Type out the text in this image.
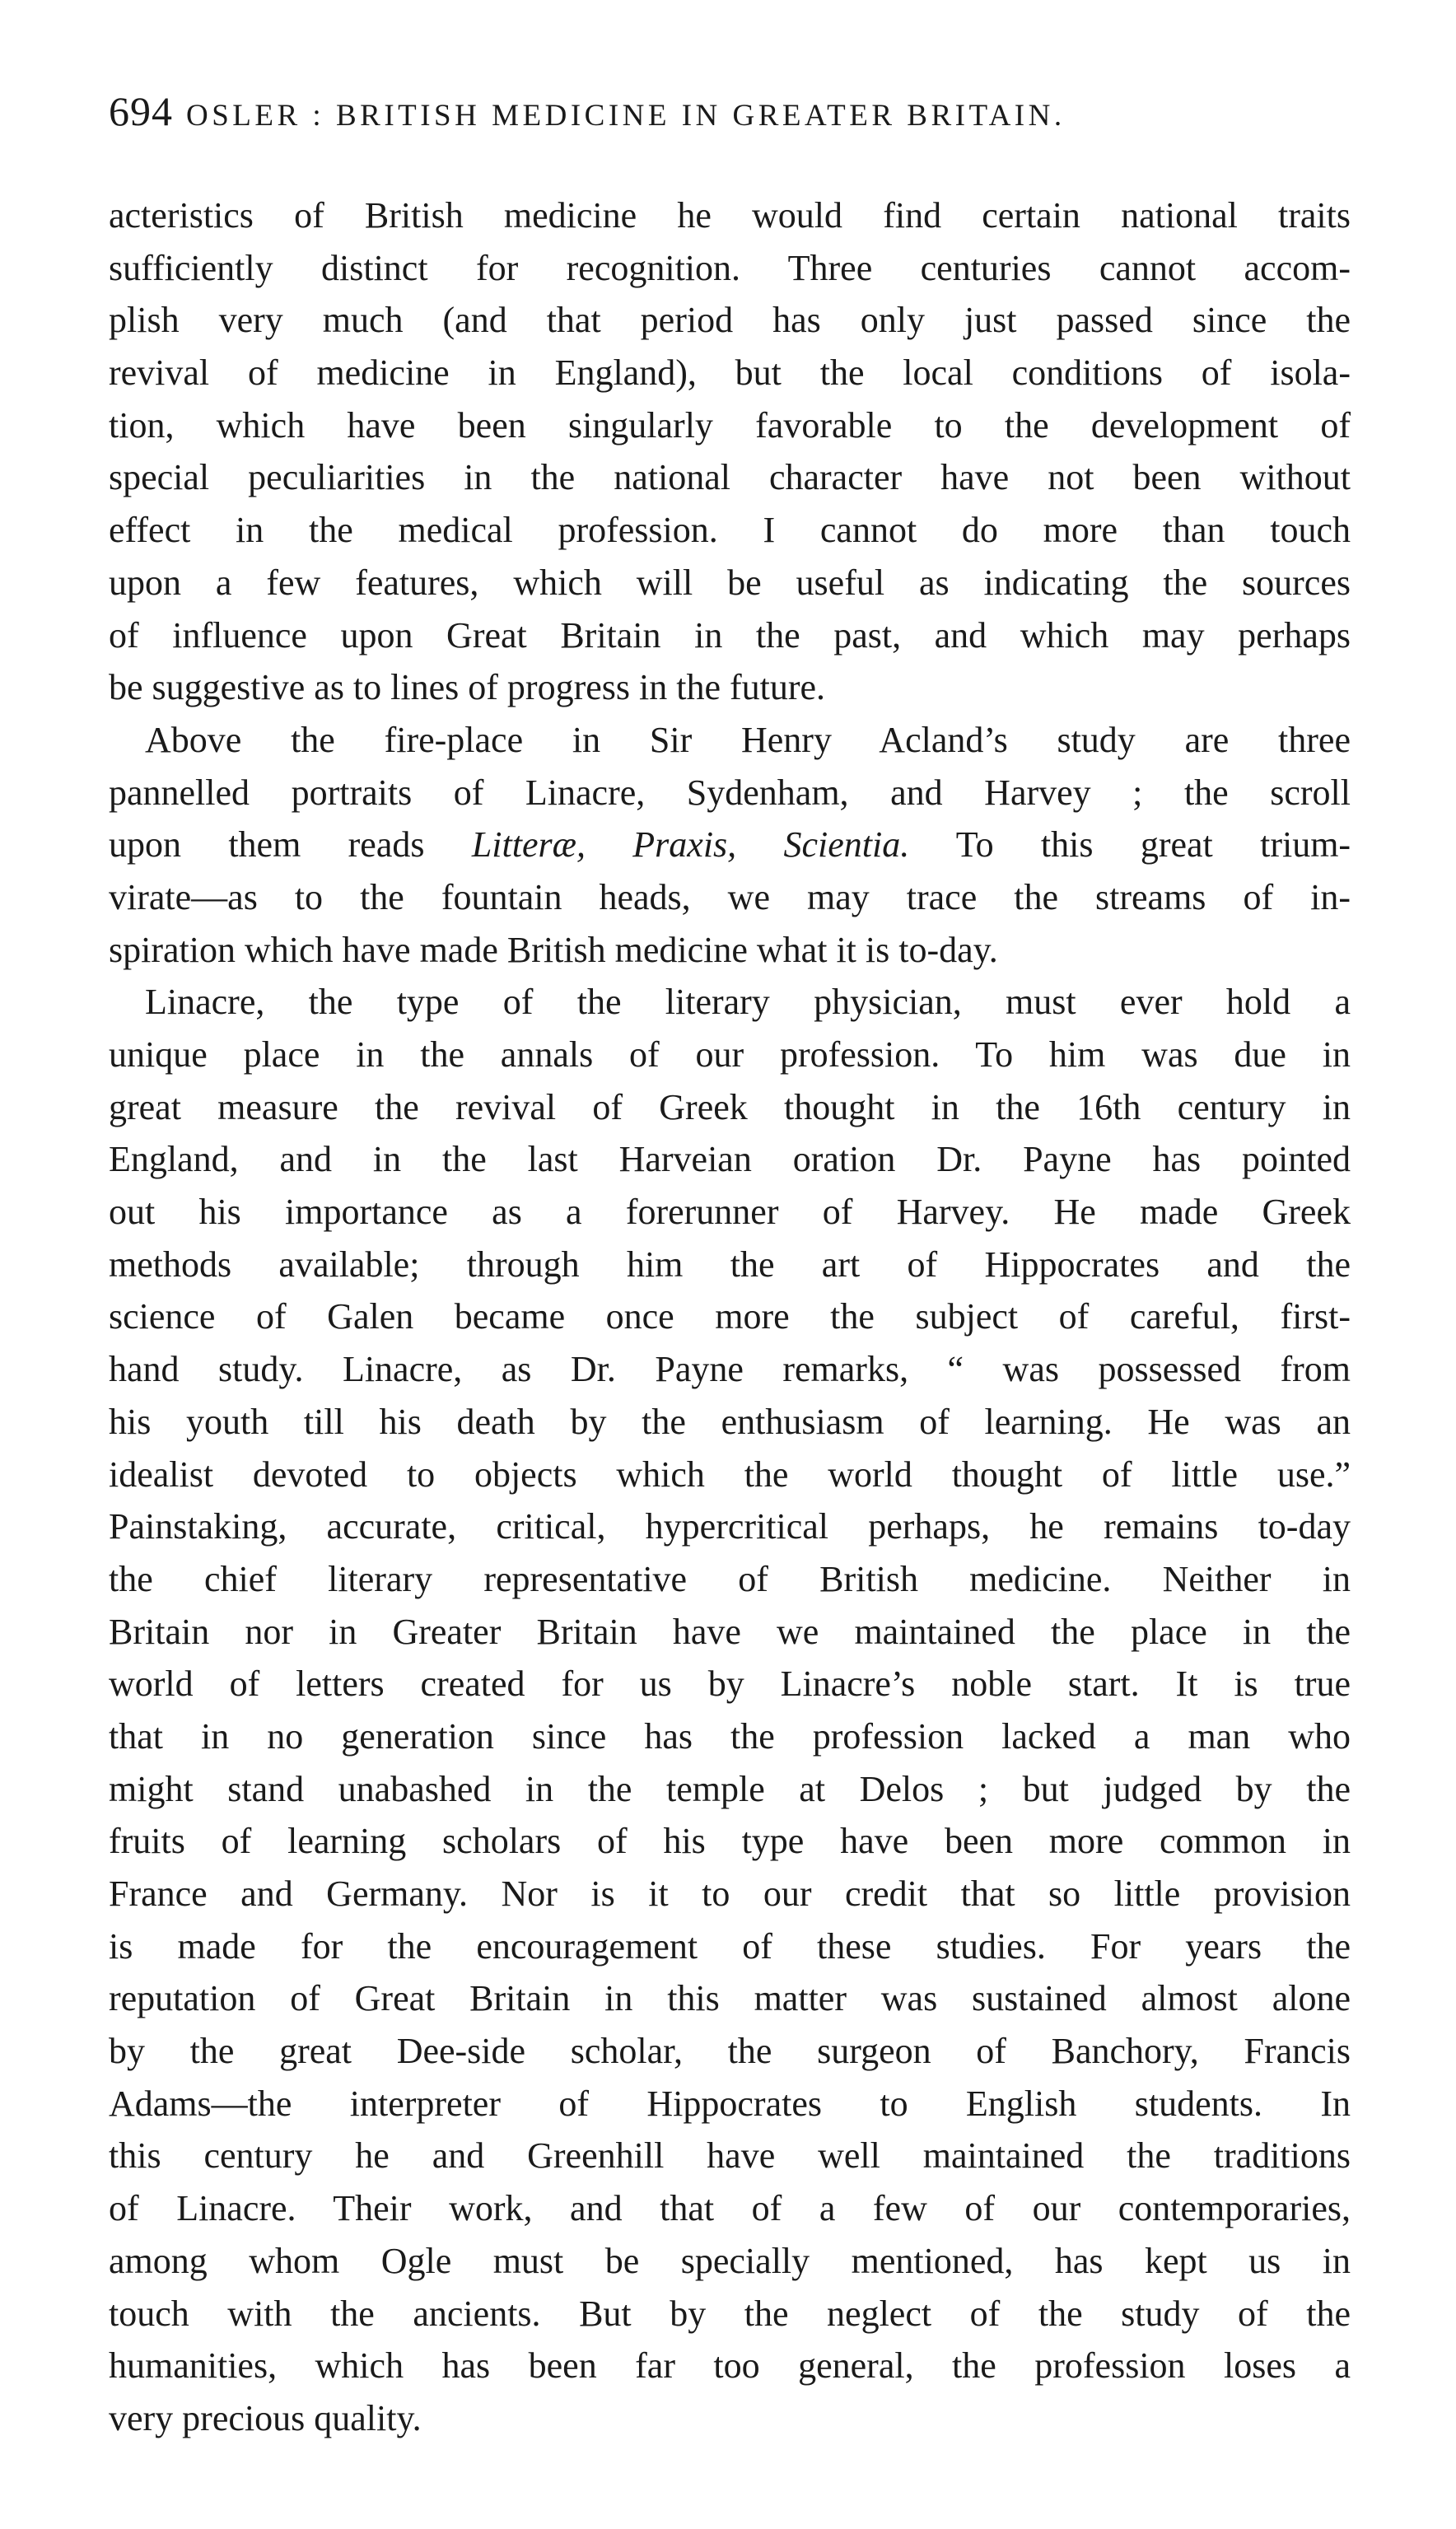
694 OSLER : BRITISH MEDICINE IN GREATER BRITAIN.
acteristics of British medicine he would find certain national traits
sufficiently distinct for recognition. Three centuries cannot accom-
plish very much (and that period has only just passed since the
revival of medicine in England), but the local conditions of isola-
tion, which have been singularly favorable to the development of
special peculiarities in the national character have not been without
effect in the medical profession. I cannot do more than touch
upon a few features, which will be useful as indicating the sources
of influence upon Great Britain in the past, and which may perhaps
be suggestive as to lines of progress in the future.
Above the fire-place in Sir Henry Acland’s study are three
pannelled portraits of Linacre, Sydenham, and Harvey ; the scroll
upon them reads Litteræ, Praxis, Scientia. To this great trium-
virate—as to the fountain heads, we may trace the streams of in-
spiration which have made British medicine what it is to-day.
Linacre, the type of the literary physician, must ever hold a
unique place in the annals of our profession. To him was due in
great measure the revival of Greek thought in the 16th century in
England, and in the last Harveian oration Dr. Payne has pointed
out his importance as a forerunner of Harvey. He made Greek
methods available; through him the art of Hippocrates and the
science of Galen became once more the subject of careful, first-
hand study. Linacre, as Dr. Payne remarks, “ was possessed from
his youth till his death by the enthusiasm of learning. He was an
idealist devoted to objects which the world thought of little use.”
Painstaking, accurate, critical, hypercritical perhaps, he remains to-day
the chief literary representative of British medicine. Neither in
Britain nor in Greater Britain have we maintained the place in the
world of letters created for us by Linacre’s noble start. It is true
that in no generation since has the profession lacked a man who
might stand unabashed in the temple at Delos ; but judged by the
fruits of learning scholars of his type have been more common in
France and Germany. Nor is it to our credit that so little provision
is made for the encouragement of these studies. For years the
reputation of Great Britain in this matter was sustained almost alone
by the great Dee-side scholar, the surgeon of Banchory, Francis
Adams—the interpreter of Hippocrates to English students. In
this century he and Greenhill have well maintained the traditions
of Linacre. Their work, and that of a few of our contemporaries,
among whom Ogle must be specially mentioned, has kept us in
touch with the ancients. But by the neglect of the study of the
humanities, which has been far too general, the profession loses a
very precious quality.
